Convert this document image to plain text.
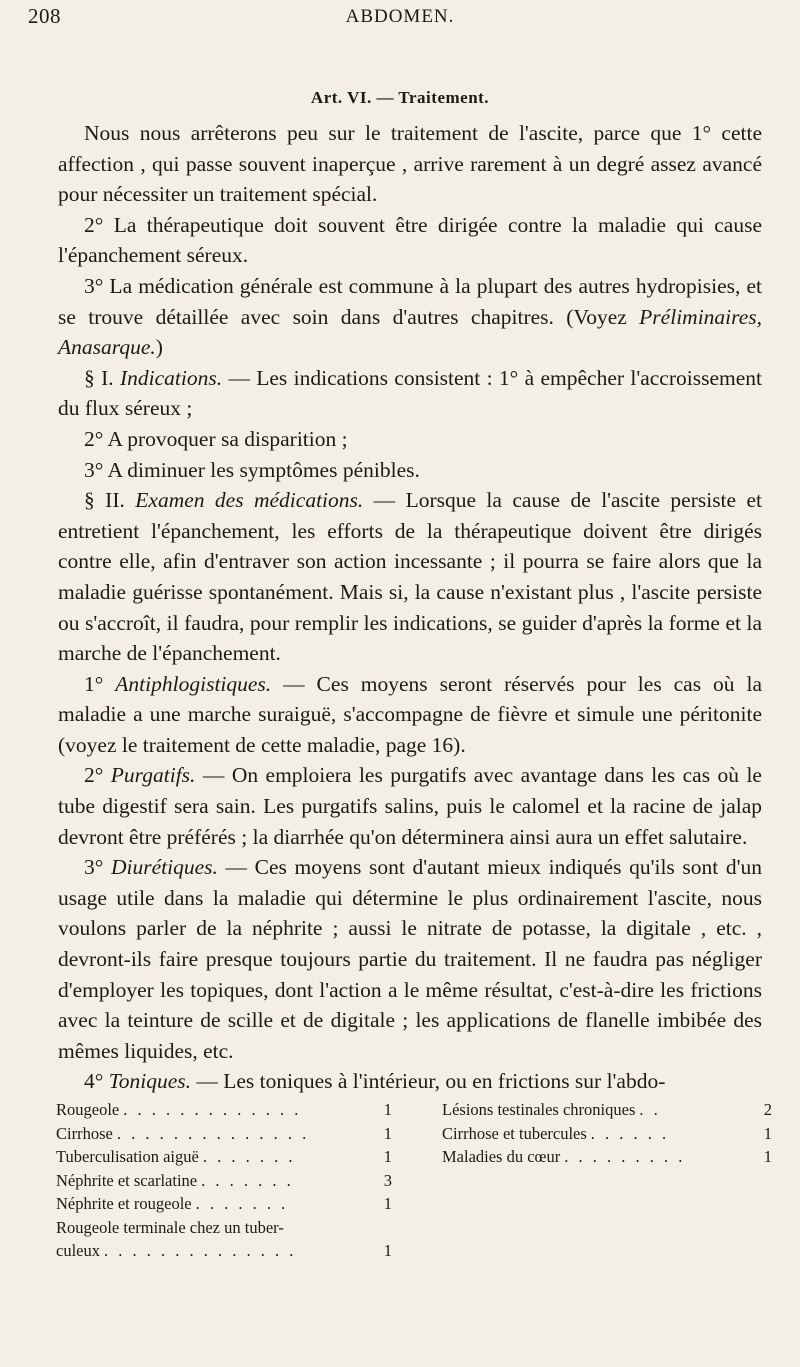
208	ABDOMEN.
Art. VI. — Traitement.

Nous nous arrêterons peu sur le traitement de l'ascite, parce que 1° cette affection , qui passe souvent inaperçue , arrive rarement à un degré assez avancé pour nécessiter un traitement spécial.

2° La thérapeutique doit souvent être dirigée contre la maladie qui cause l'épanchement séreux.

3° La médication générale est commune à la plupart des autres hydropisies, et se trouve détaillée avec soin dans d'autres chapitres. (Voyez Préliminaires, Anasarque.)

§ I. Indications. — Les indications consistent : 1° à empêcher l'accroissement du flux séreux ;

2° A provoquer sa disparition ;

3° A diminuer les symptômes pénibles.

§ II. Examen des médications. — Lorsque la cause de l'ascite persiste et entretient l'épanchement, les efforts de la thérapeutique doivent être dirigés contre elle, afin d'entraver son action incessante ; il pourra se faire alors que la maladie guérisse spontanément. Mais si, la cause n'existant plus , l'ascite persiste ou s'accroît, il faudra, pour remplir les indications, se guider d'après la forme et la marche de l'épanchement.

1° Antiphlogistiques. — Ces moyens seront réservés pour les cas où la maladie a une marche suraiguë, s'accompagne de fièvre et simule une péritonite (voyez le traitement de cette maladie, page 16).

2° Purgatifs. — On emploiera les purgatifs avec avantage dans les cas où le tube digestif sera sain. Les purgatifs salins, puis le calomel et la racine de jalap devront être préférés ; la diarrhée qu'on déterminera ainsi aura un effet salutaire.

3° Diurétiques. — Ces moyens sont d'autant mieux indiqués qu'ils sont d'un usage utile dans la maladie qui détermine le plus ordinairement l'ascite, nous voulons parler de la néphrite ; aussi le nitrate de potasse, la digitale , etc. , devront-ils faire presque toujours partie du traitement. Il ne faudra pas négliger d'employer les topiques, dont l'action a le même résultat, c'est-à-dire les frictions avec la teinture de scille et de digitale ; les applications de flanelle imbibée des mêmes liquides, etc.

4° Toniques. — Les toniques à l'intérieur, ou en frictions sur l'abdo-

Rougeole . . . . . . . . . . . . .	1
Cirrhose . . . . . . . . . . . . . .	1
Tuberculisation aiguë . . . . . . .	1
Néphrite et scarlatine . . . . . . .	3
Néphrite et rougeole . . . . . . .	1
Rougeole terminale chez un tuber-
culeux . . . . . . . . . . . . . .	1
Lésions testinales chroniques . .	2
Cirrhose et tubercules . . . . . .	1
Maladies du cœur . . . . . . . . .	1
